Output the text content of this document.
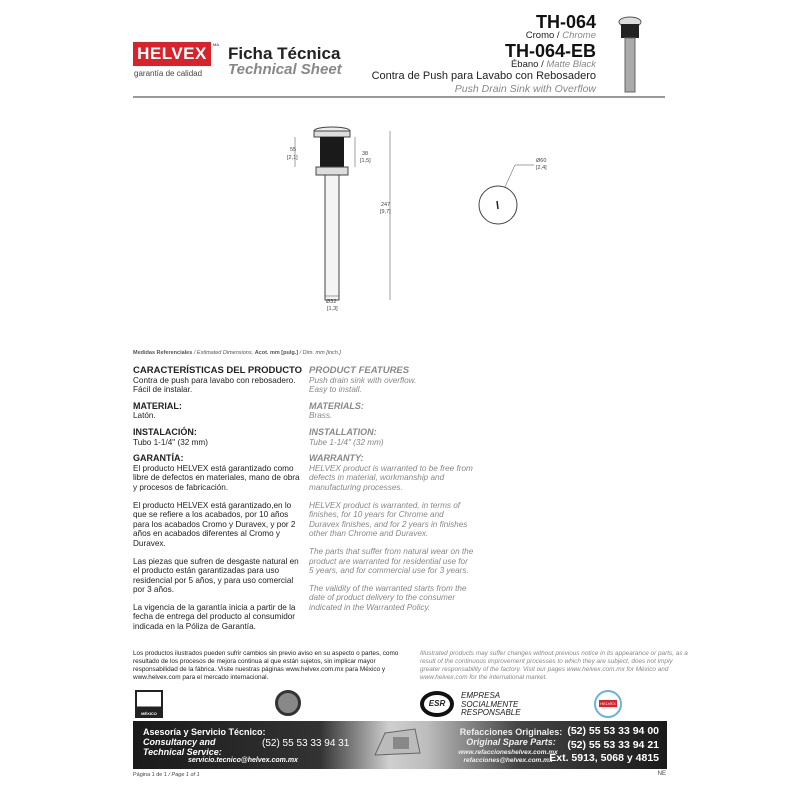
HELVEX	MA
garantía de calidad
Ficha Técnica
Technical Sheet
TH-064
Cromo / Chrome
TH-064-EB
Ébano / Matte Black
Contra de Push para Lavabo con Rebosadero
Push Drain Sink with Overflow
55
[2,1]
38
[1,5]
247
[9,7]
Ø32
[1,3]
Ø60
[2,4]
Medidas Referenciales / Estimated Dimensions, Acot. mm [pulg.] / Dim. mm [inch.]
CARACTERÍSTICAS DEL PRODUCTO

Contra de push para lavabo con rebosadero.

Fácil de instalar.

MATERIAL:

Latón.

INSTALACIÓN:

Tubo 1-1/4" (32 mm)

GARANTÍA:

El producto HELVEX está garantizado como libre de defectos en materiales, mano de obra y procesos de fabricación.

El producto HELVEX está garantizado,en lo que se refiere a los acabados, por 10 años para los acabados Cromo y Duravex, y por 2 años en acabados diferentes al Cromo y Duravex.

Las piezas que sufren de desgaste natural en el producto están garantizadas para uso residencial por 5 años, y para uso comercial por 3 años.

La vigencia de la garantía inicia a partir de la fecha de entrega del producto al consumidor indicada en la Póliza de Garantía.

PRODUCT FEATURES

Push drain sink with overflow.

Easy to install.

MATERIALS:

Brass.

INSTALLATION:

Tube 1-1/4" (32 mm)

WARRANTY:

HELVEX product is warranted to be free from defects in material, workmanship and manufacturing processes.

HELVEX product is warranted, in terms of finishes, for 10 years for Chrome and Duravex finishes, and for 2 years in finishes other than Chrome and Duravex.

The parts that suffer from natural wear on the product are warranted for residential use for 5 years, and for commercial use for 3 years.

The validity of the warranted starts from the date of product delivery to the consumer indicated in the Warranted Policy.

Los productos ilustrados pueden sufrir cambios sin previo aviso en su aspecto o partes, como resultado de los procesos de mejora continua al que están sujetos, sin implicar mayor responsabilidad de la fábrica. Visite nuestras páginas www.helvex.com.mx para México y www.helvex.com para el mercado internacional.
Illustrated products may suffer changes without previous notice in its appearance or parts, as a result of the continuous improvement processes to which they are subject, does not imply greater responsability of the factory. Visit our pages www.helvex.com.mx for México and www.helvex.com for the international market.
MÉXICO
ESR
EMPRESA
SOCIALMENTE
RESPONSABLE
HELVEX
Asesoría y Servicio Técnico:
Consultancy and Technical Service:
(52) 55 53 33 94 31
servicio.tecnico@helvex.com.mx
Refacciones Originales:
Original Spare Parts:
www.refaccioneshelvex.com.mx
refacciones@helvex.com.mx
(52) 55 53 33 94 00
(52) 55 53 33 94 21
Ext. 5913, 5068 y 4815
Página 1 de 1 / Page 1 of 1	NE
